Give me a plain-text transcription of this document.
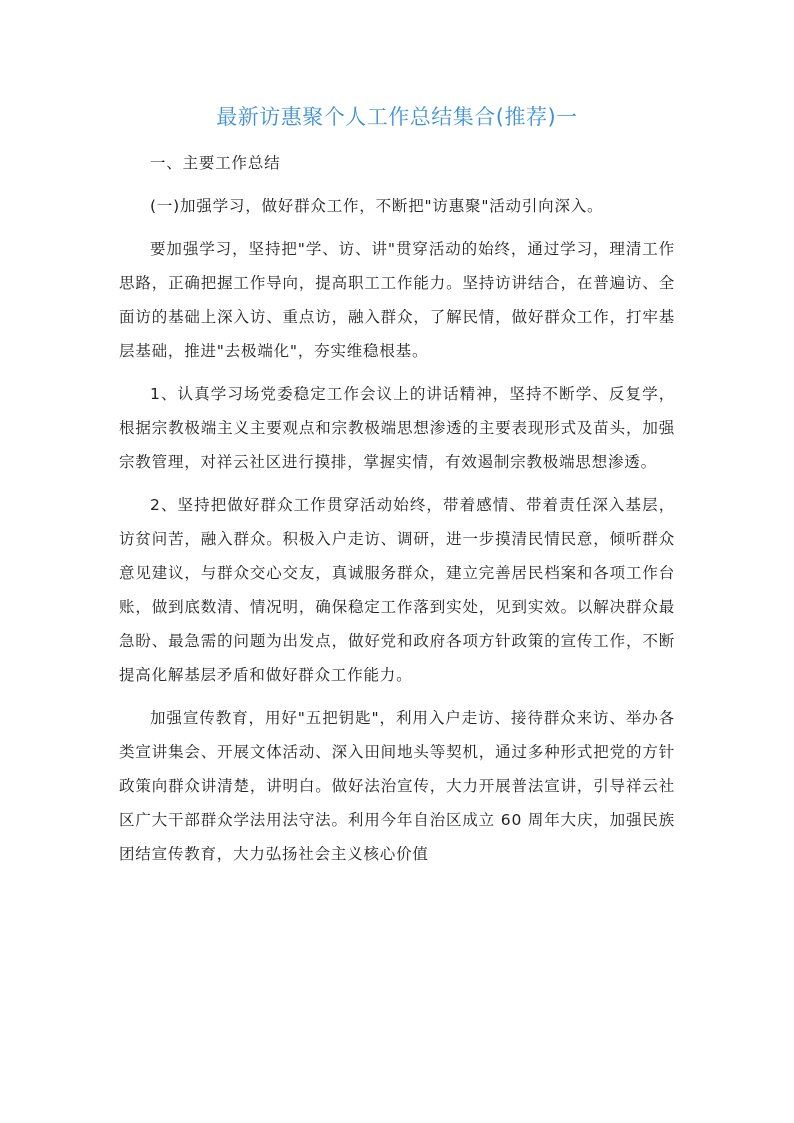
最新访惠聚个人工作总结集合(推荐)一

一、主要工作总结

(一)加强学习，做好群众工作，不断把"访惠聚"活动引向深入。

要加强学习，坚持把"学、访、讲"贯穿活动的始终，通过学习，理清工作思路，正确把握工作导向，提高职工工作能力。坚持访讲结合，在普遍访、全面访的基础上深入访、重点访，融入群众，了解民情，做好群众工作，打牢基层基础，推进"去极端化"，夯实维稳根基。

1、认真学习场党委稳定工作会议上的讲话精神，坚持不断学、反复学，根据宗教极端主义主要观点和宗教极端思想渗透的主要表现形式及苗头，加强宗教管理，对祥云社区进行摸排，掌握实情，有效遏制宗教极端思想渗透。

2、坚持把做好群众工作贯穿活动始终，带着感情、带着责任深入基层，访贫问苦，融入群众。积极入户走访、调研，进一步摸清民情民意，倾听群众意见建议，与群众交心交友，真诚服务群众，建立完善居民档案和各项工作台账，做到底数清、情况明，确保稳定工作落到实处，见到实效。以解决群众最急盼、最急需的问题为出发点，做好党和政府各项方针政策的宣传工作，不断提高化解基层矛盾和做好群众工作能力。

加强宣传教育，用好"五把钥匙"，利用入户走访、接待群众来访、举办各类宣讲集会、开展文体活动、深入田间地头等契机，通过多种形式把党的方针政策向群众讲清楚，讲明白。做好法治宣传，大力开展普法宣讲，引导祥云社区广大干部群众学法用法守法。利用今年自治区成立 60 周年大庆，加强民族团结宣传教育，大力弘扬社会主义核心价值
